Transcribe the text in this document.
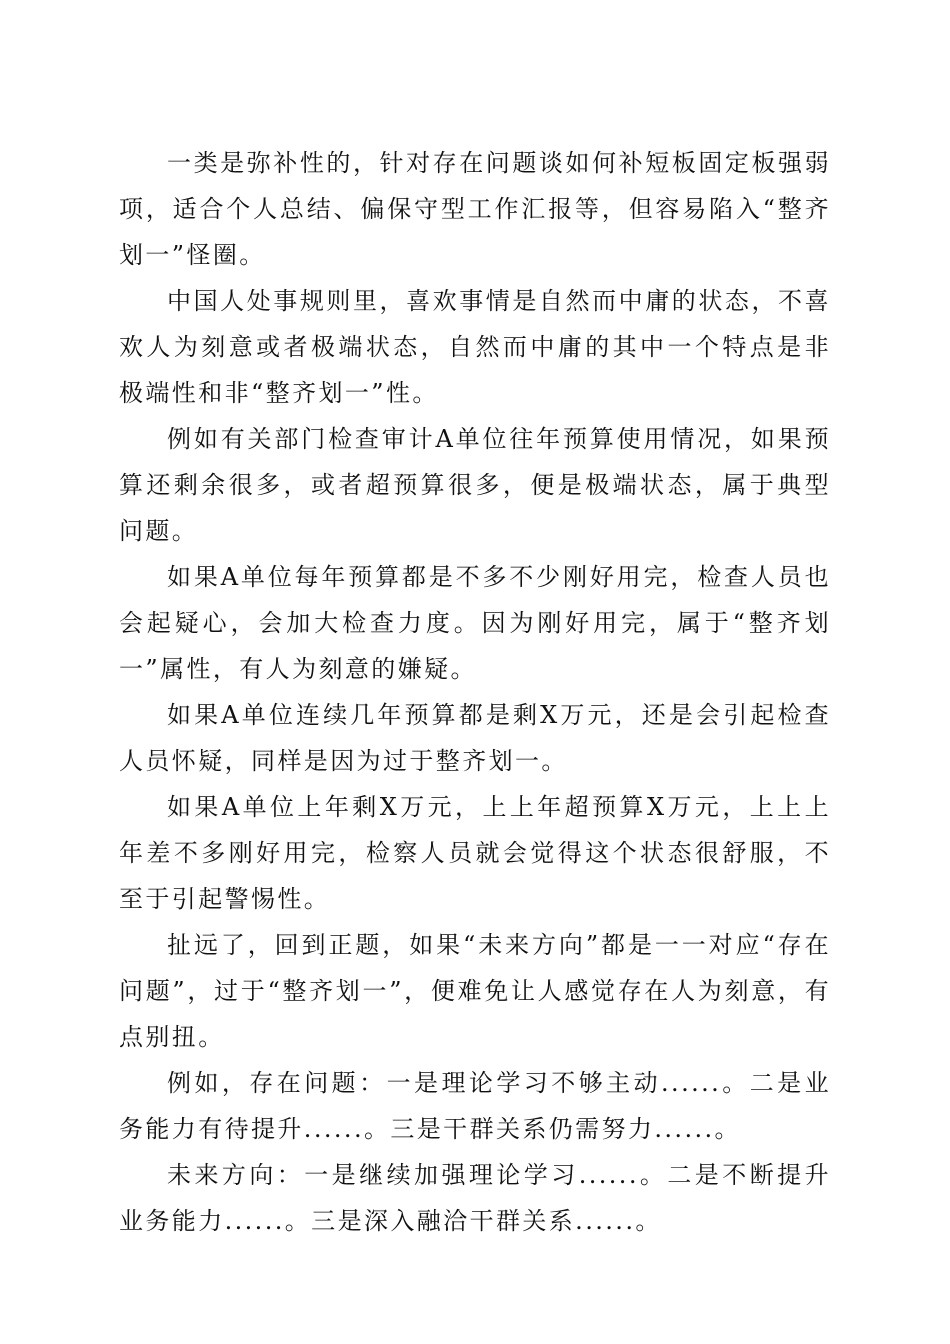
一类是弥补性的，针对存在问题谈如何补短板固定板强弱项，适合个人总结、偏保守型工作汇报等，但容易陷入“整齐划一”怪圈。

中国人处事规则里，喜欢事情是自然而中庸的状态，不喜欢人为刻意或者极端状态，自然而中庸的其中一个特点是非极端性和非“整齐划一”性。

例如有关部门检查审计A单位往年预算使用情况，如果预算还剩余很多，或者超预算很多，便是极端状态，属于典型问题。

如果A单位每年预算都是不多不少刚好用完，检查人员也会起疑心，会加大检查力度。因为刚好用完，属于“整齐划一”属性，有人为刻意的嫌疑。

如果A单位连续几年预算都是剩X万元，还是会引起检查人员怀疑，同样是因为过于整齐划一。

如果A单位上年剩X万元，上上年超预算X万元，上上上年差不多刚好用完，检察人员就会觉得这个状态很舒服，不至于引起警惕性。

扯远了，回到正题，如果“未来方向”都是一一对应“存在问题”，过于“整齐划一”，便难免让人感觉存在人为刻意，有点别扭。

例如，存在问题：一是理论学习不够主动......。二是业务能力有待提升......。三是干群关系仍需努力......。

未来方向：一是继续加强理论学习......。二是不断提升业务能力......。三是深入融洽干群关系......。
